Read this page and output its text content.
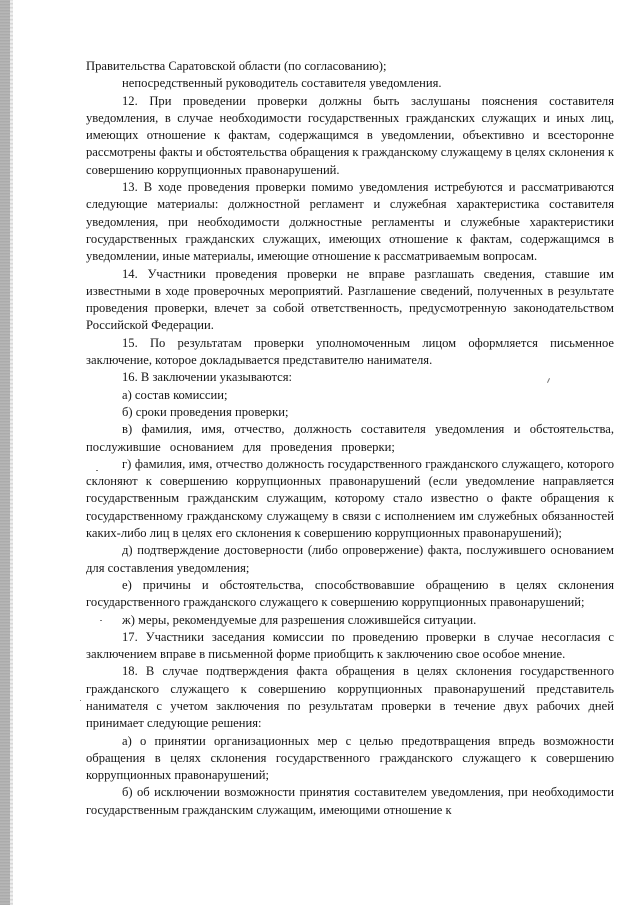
Правительства Саратовской области (по согласованию);

непосредственный руководитель составителя уведомления.

12. При проведении проверки должны быть заслушаны пояснения составителя уведомления, в случае необходимости государственных гражданских служащих и иных лиц, имеющих отношение к фактам, содержащимся в уведомлении, объективно и всесторонне рассмотрены факты и обстоятельства обращения к гражданскому служащему в целях склонения к совершению коррупционных правонарушений.

13. В ходе проведения проверки помимо уведомления истребуются и рассматриваются следующие материалы: должностной регламент и служебная характеристика составителя уведомления, при необходимости должностные регламенты и служебные характеристики государственных гражданских служащих, имеющих отношение к фактам, содержащимся в уведомлении, иные материалы, имеющие отношение к рассматриваемым вопросам.

14. Участники проведения проверки не вправе разглашать сведения, ставшие им известными в ходе проверочных мероприятий. Разглашение сведений, полученных в результате проведения проверки, влечет за собой ответственность, предусмотренную законодательством Российской Федерации.

15. По результатам проверки уполномоченным лицом оформляется письменное заключение, которое докладывается представителю нанимателя.

16. В заключении указываются:

а) состав комиссии;

б) сроки проведения проверки;

в) фамилия, имя, отчество, должность составителя уведомления и обстоятельства, послужившие основанием для проведения проверки;

г) фамилия, имя, отчество должность государственного гражданского служащего, которого склоняют к совершению коррупционных правонарушений (если уведомление направляется государственным гражданским служащим, которому стало известно о факте обращения к государственному гражданскому служащему в связи с исполнением им служебных обязанностей каких-либо лиц в целях его склонения к совершению коррупционных правонарушений);

д) подтверждение достоверности (либо опровержение) факта, послужившего основанием для составления уведомления;

е) причины и обстоятельства, способствовавшие обращению в целях склонения государственного гражданского служащего к совершению коррупционных правонарушений;

ж) меры, рекомендуемые для разрешения сложившейся ситуации.

17. Участники заседания комиссии по проведению проверки в случае несогласия с заключением вправе в письменной форме приобщить к заключению свое особое мнение.

18. В случае подтверждения факта обращения в целях склонения государственного гражданского служащего к совершению коррупционных правонарушений представитель нанимателя с учетом заключения по результатам проверки в течение двух рабочих дней принимает следующие решения:

а) о принятии организационных мер с целью предотвращения впредь возможности обращения в целях склонения государственного гражданского служащего к совершению коррупционных правонарушений;

б) об исключении возможности принятия составителем уведомления, при необходимости государственным гражданским служащим, имеющими отношение к
